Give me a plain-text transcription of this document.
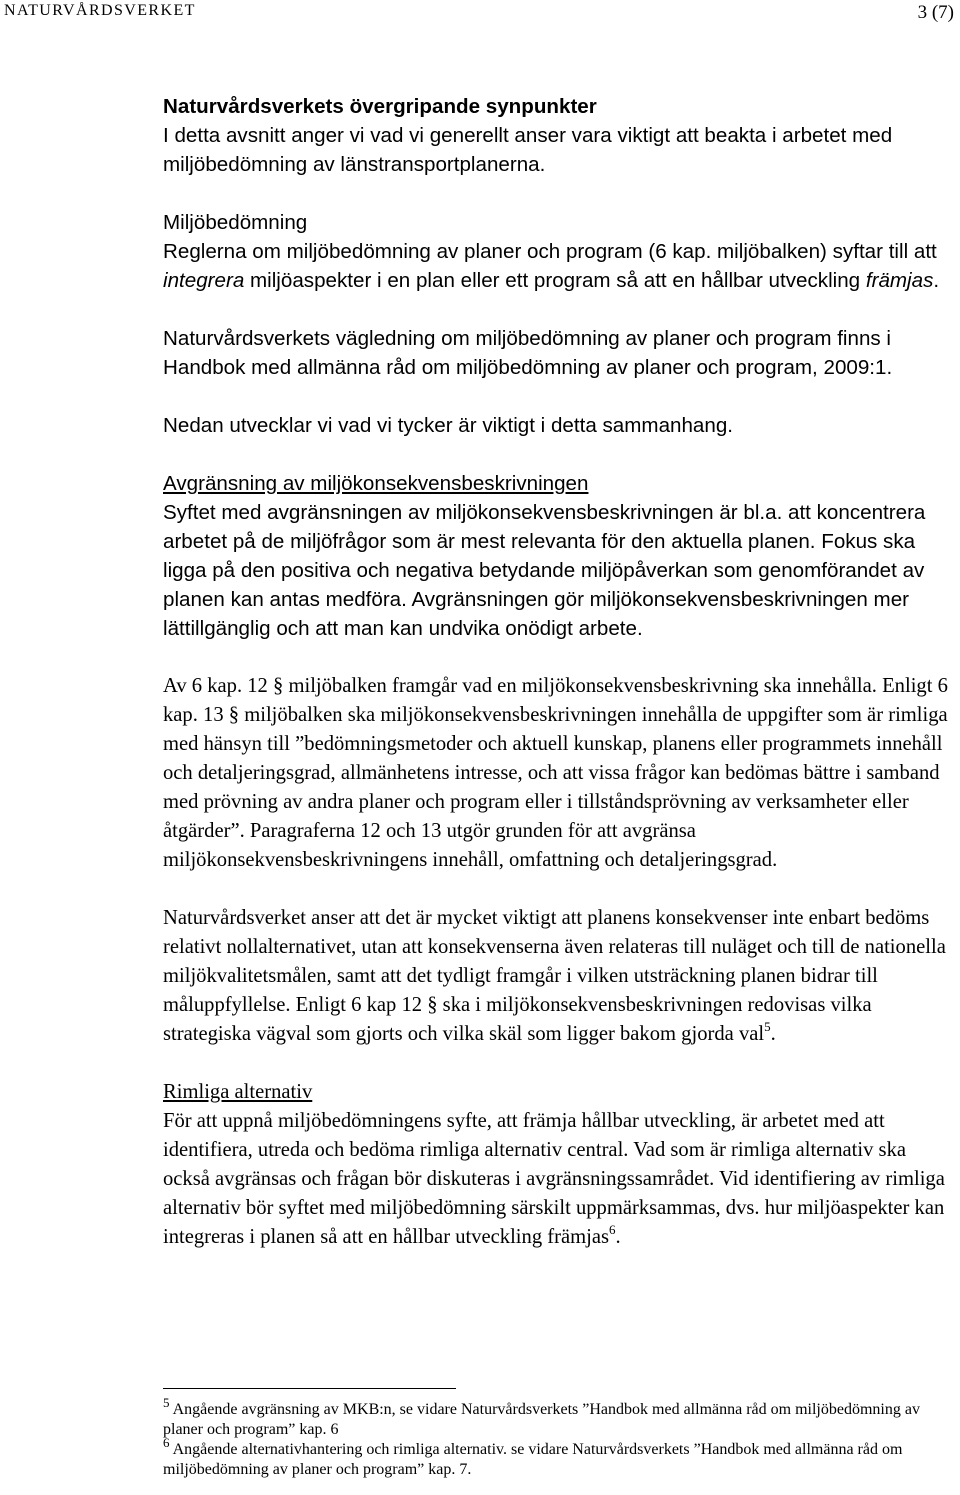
NATURVÅRDSVERKET	3 (7)
Naturvårdsverkets övergripande synpunkter
I detta avsnitt anger vi vad vi generellt anser vara viktigt att beakta i arbetet med miljöbedömning av länstransportplanerna.
Miljöbedömning
Reglerna om miljöbedömning av planer och program (6 kap. miljöbalken) syftar till att integrera miljöaspekter i en plan eller ett program så att en hållbar utveckling främjas.
Naturvårdsverkets vägledning om miljöbedömning av planer och program finns i Handbok med allmänna råd om miljöbedömning av planer och program, 2009:1.
Nedan utvecklar vi vad vi tycker är viktigt i detta sammanhang.
Avgränsning av miljökonsekvensbeskrivningen
Syftet med avgränsningen av miljökonsekvensbeskrivningen är bl.a. att koncentrera arbetet på de miljöfrågor som är mest relevanta för den aktuella planen. Fokus ska ligga på den positiva och negativa betydande miljöpåverkan som genomförandet av planen kan antas medföra. Avgränsningen gör miljökonsekvensbeskrivningen mer lättillgänglig och att man kan undvika onödigt arbete.
Av 6 kap. 12 § miljöbalken framgår vad en miljökonsekvensbeskrivning ska innehålla. Enligt 6 kap. 13 § miljöbalken ska miljökonsekvensbeskrivningen innehålla de uppgifter som är rimliga med hänsyn till ”bedömningsmetoder och aktuell kunskap, planens eller programmets innehåll och detaljeringsgrad, allmänhetens intresse, och att vissa frågor kan bedömas bättre i samband med prövning av andra planer och program eller i tillståndsprövning av verksamheter eller åtgärder”. Paragraferna 12 och 13 utgör grunden för att avgränsa miljökonsekvensbeskrivningens innehåll, omfattning och detaljeringsgrad.
Naturvårdsverket anser att det är mycket viktigt att planens konsekvenser inte enbart bedöms relativt nollalternativet, utan att konsekvenserna även relateras till nuläget och till de nationella miljökvalitetsmålen, samt att det tydligt framgår i vilken utsträckning planen bidrar till måluppfyllelse. Enligt 6 kap 12 § ska i miljökonsekvensbeskrivningen redovisas vilka strategiska vägval som gjorts och vilka skäl som ligger bakom gjorda val$^5$.
Rimliga alternativ
För att uppnå miljöbedömningens syfte, att främja hållbar utveckling, är arbetet med att identifiera, utreda och bedöma rimliga alternativ central. Vad som är rimliga alternativ ska också avgränsas och frågan bör diskuteras i avgränsningssamrådet. Vid identifiering av rimliga alternativ bör syftet med miljöbedömning särskilt uppmärksammas, dvs. hur miljöaspekter kan integreras i planen så att en hållbar utveckling främjas$^6$.
$^5$ Angående avgränsning av MKB:n, se vidare Naturvårdsverkets ”Handbok med allmänna råd om miljöbedömning av planer och program” kap. 6
$^6$ Angående alternativhantering och rimliga alternativ. se vidare Naturvårdsverkets ”Handbok med allmänna råd om miljöbedömning av planer och program” kap. 7.
